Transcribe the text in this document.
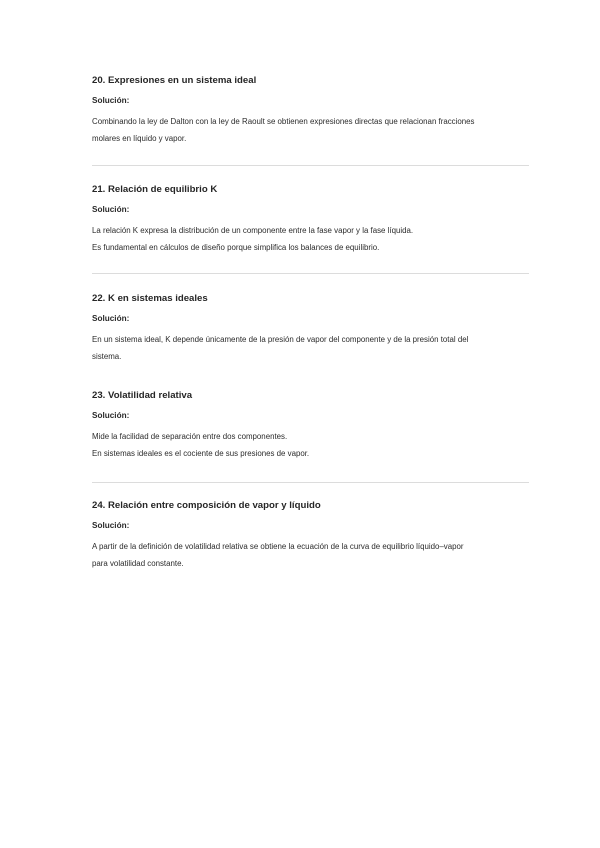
20. Expresiones en un sistema ideal

Solución:

Combinando la ley de Dalton con la ley de Raoult se obtienen expresiones directas que relacionan fracciones
molares en líquido y vapor.

21. Relación de equilibrio K

Solución:

La relación K expresa la distribución de un componente entre la fase vapor y la fase líquida.
Es fundamental en cálculos de diseño porque simplifica los balances de equilibrio.

22. K en sistemas ideales

Solución:

En un sistema ideal, K depende únicamente de la presión de vapor del componente y de la presión total del
sistema.

23. Volatilidad relativa

Solución:

Mide la facilidad de separación entre dos componentes.
En sistemas ideales es el cociente de sus presiones de vapor.

24. Relación entre composición de vapor y líquido

Solución:

A partir de la definición de volatilidad relativa se obtiene la ecuación de la curva de equilibrio líquido–vapor
para volatilidad constante.
